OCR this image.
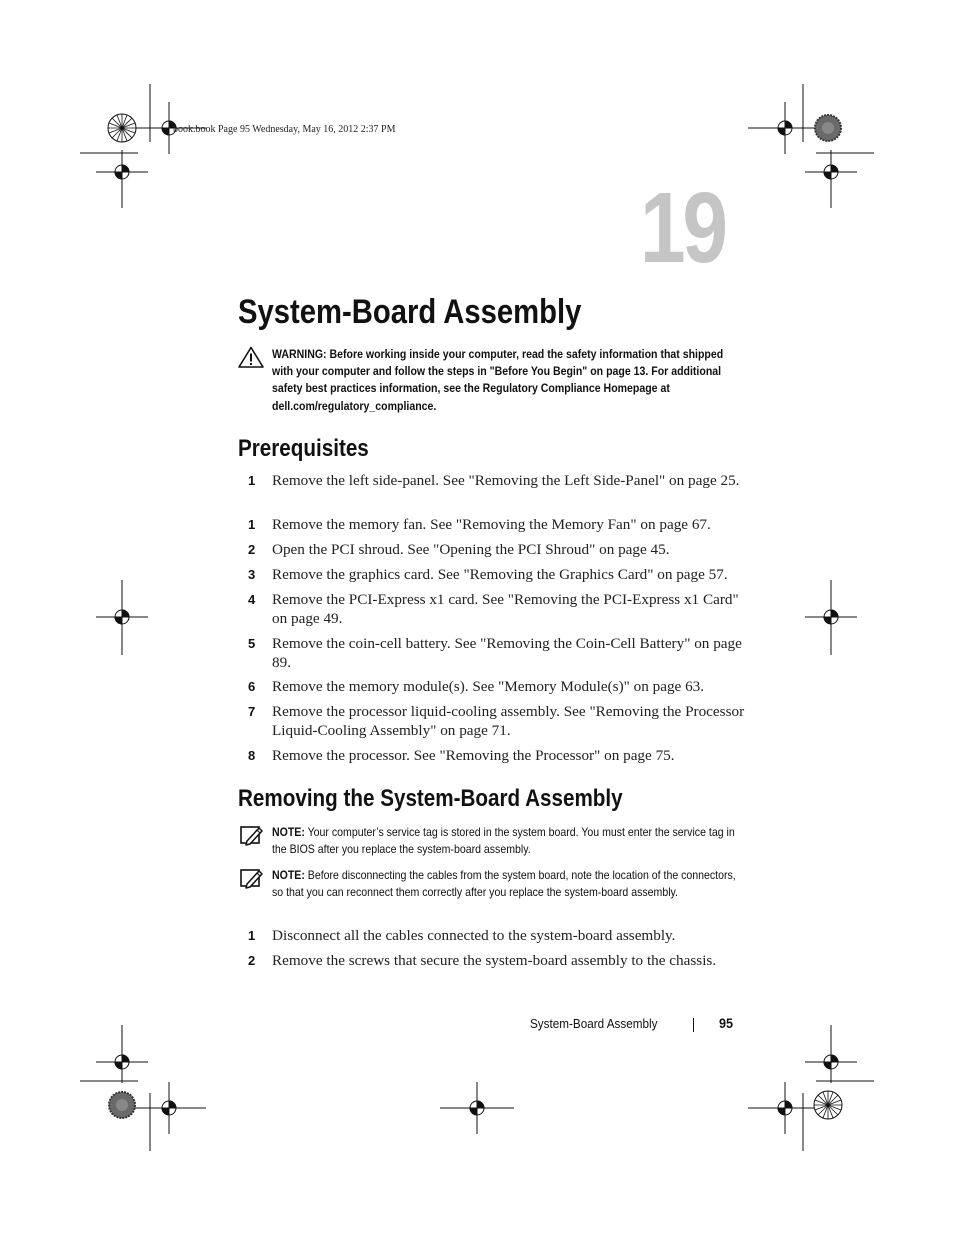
book.book Page 95 Wednesday, May 16, 2012 2:37 PM
19
System-Board Assembly
WARNING: Before working inside your computer, read the safety information that shipped with your computer and follow the steps in "Before You Begin" on page 13. For additional safety best practices information, see the Regulatory Compliance Homepage at dell.com/regulatory_compliance.
Prerequisites
1 Remove the left side-panel. See "Removing the Left Side-Panel" on page 25.
1 Remove the memory fan. See "Removing the Memory Fan" on page 67.
2 Open the PCI shroud. See "Opening the PCI Shroud" on page 45.
3 Remove the graphics card. See "Removing the Graphics Card" on page 57.
4 Remove the PCI-Express x1 card. See "Removing the PCI-Express x1 Card" on page 49.
5 Remove the coin-cell battery. See "Removing the Coin-Cell Battery" on page 89.
6 Remove the memory module(s). See "Memory Module(s)" on page 63.
7 Remove the processor liquid-cooling assembly. See "Removing the Processor Liquid-Cooling Assembly" on page 71.
8 Remove the processor. See "Removing the Processor" on page 75.
Removing the System-Board Assembly
NOTE: Your computer’s service tag is stored in the system board. You must enter the service tag in the BIOS after you replace the system-board assembly.
NOTE: Before disconnecting the cables from the system board, note the location of the connectors, so that you can reconnect them correctly after you replace the system-board assembly.
1 Disconnect all the cables connected to the system-board assembly.
2 Remove the screws that secure the system-board assembly to the chassis.
System-Board Assembly	95
